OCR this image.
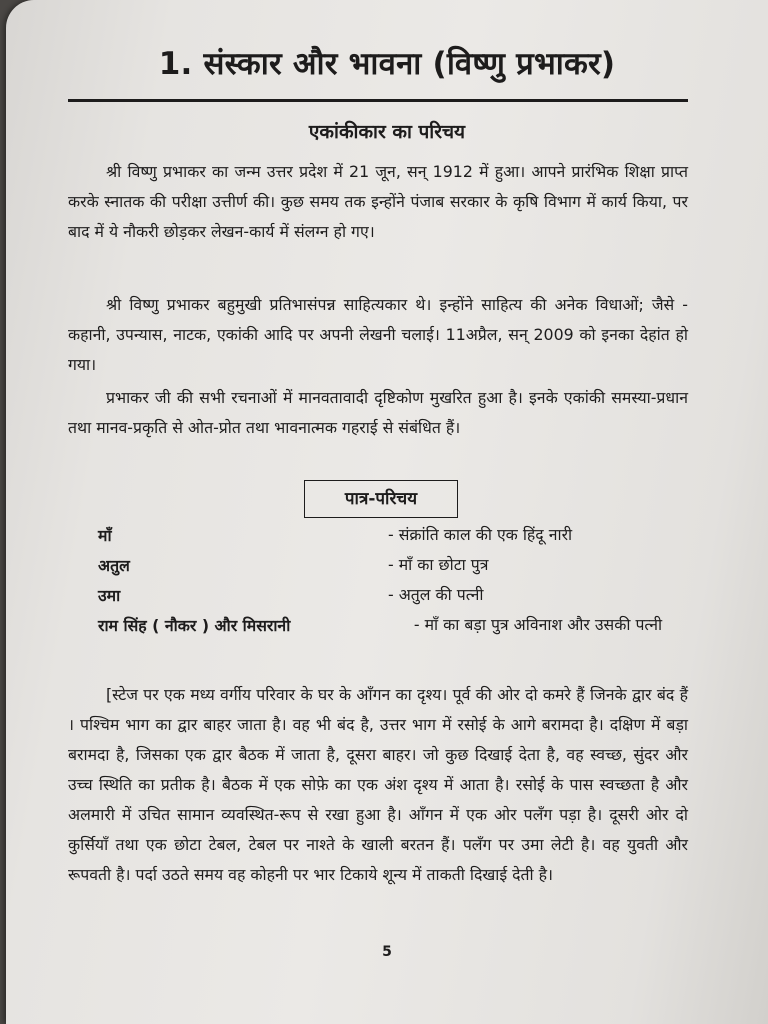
1. संस्कार और भावना (विष्णु प्रभाकर)
एकांकीकार का परिचय

श्री विष्णु प्रभाकर का जन्म उत्तर प्रदेश में 21 जून, सन् 1912 में हुआ। आपने प्रारंभिक शिक्षा प्राप्त करके स्नातक की परीक्षा उत्तीर्ण की। कुछ समय तक इन्होंने पंजाब सरकार के कृषि विभाग में कार्य किया, पर बाद में ये नौकरी छोड़कर लेखन-कार्य में संलग्न हो गए।

श्री विष्णु प्रभाकर बहुमुखी प्रतिभासंपन्न साहित्यकार थे। इन्होंने साहित्य की अनेक विधाओं; जैसे - कहानी, उपन्यास, नाटक, एकांकी आदि पर अपनी लेखनी चलाई। 11अप्रैल, सन् 2009 को इनका देहांत हो गया।

प्रभाकर जी की सभी रचनाओं में मानवतावादी दृष्टिकोण मुखरित हुआ है। इनके एकांकी समस्या-प्रधान तथा मानव-प्रकृति से ओत-प्रोत तथा भावनात्मक गहराई से संबंधित हैं।

पात्र-परिचय
माँ	- संक्रांति काल की एक हिंदू नारी
अतुल	- माँ का छोटा पुत्र
उमा	- अतुल की पत्नी
राम सिंह ( नौकर ) और मिसरानी	- माँ का बड़ा पुत्र अविनाश और उसकी पत्नी

[स्टेज पर एक मध्य वर्गीय परिवार के घर के आँगन का दृश्य। पूर्व की ओर दो कमरे हैं जिनके द्वार बंद हैं । पश्चिम भाग का द्वार बाहर जाता है। वह भी बंद है, उत्तर भाग में रसोई के आगे बरामदा है। दक्षिण में बड़ा बरामदा है, जिसका एक द्वार बैठक में जाता है, दूसरा बाहर। जो कुछ दिखाई देता है, वह स्वच्छ, सुंदर और उच्च स्थिति का प्रतीक है। बैठक में एक सोफ़े का एक अंश दृश्य में आता है। रसोई के पास स्वच्छता है और अलमारी में उचित सामान व्यवस्थित-रूप से रखा हुआ है। आँगन में एक ओर पलँग पड़ा है। दूसरी ओर दो कुर्सियाँ तथा एक छोटा टेबल, टेबल पर नाश्ते के खाली बरतन हैं। पलँग पर उमा लेटी है। वह युवती और रूपवती है। पर्दा उठते समय वह कोहनी पर भार टिकाये शून्य में ताकती दिखाई देती है।

5
